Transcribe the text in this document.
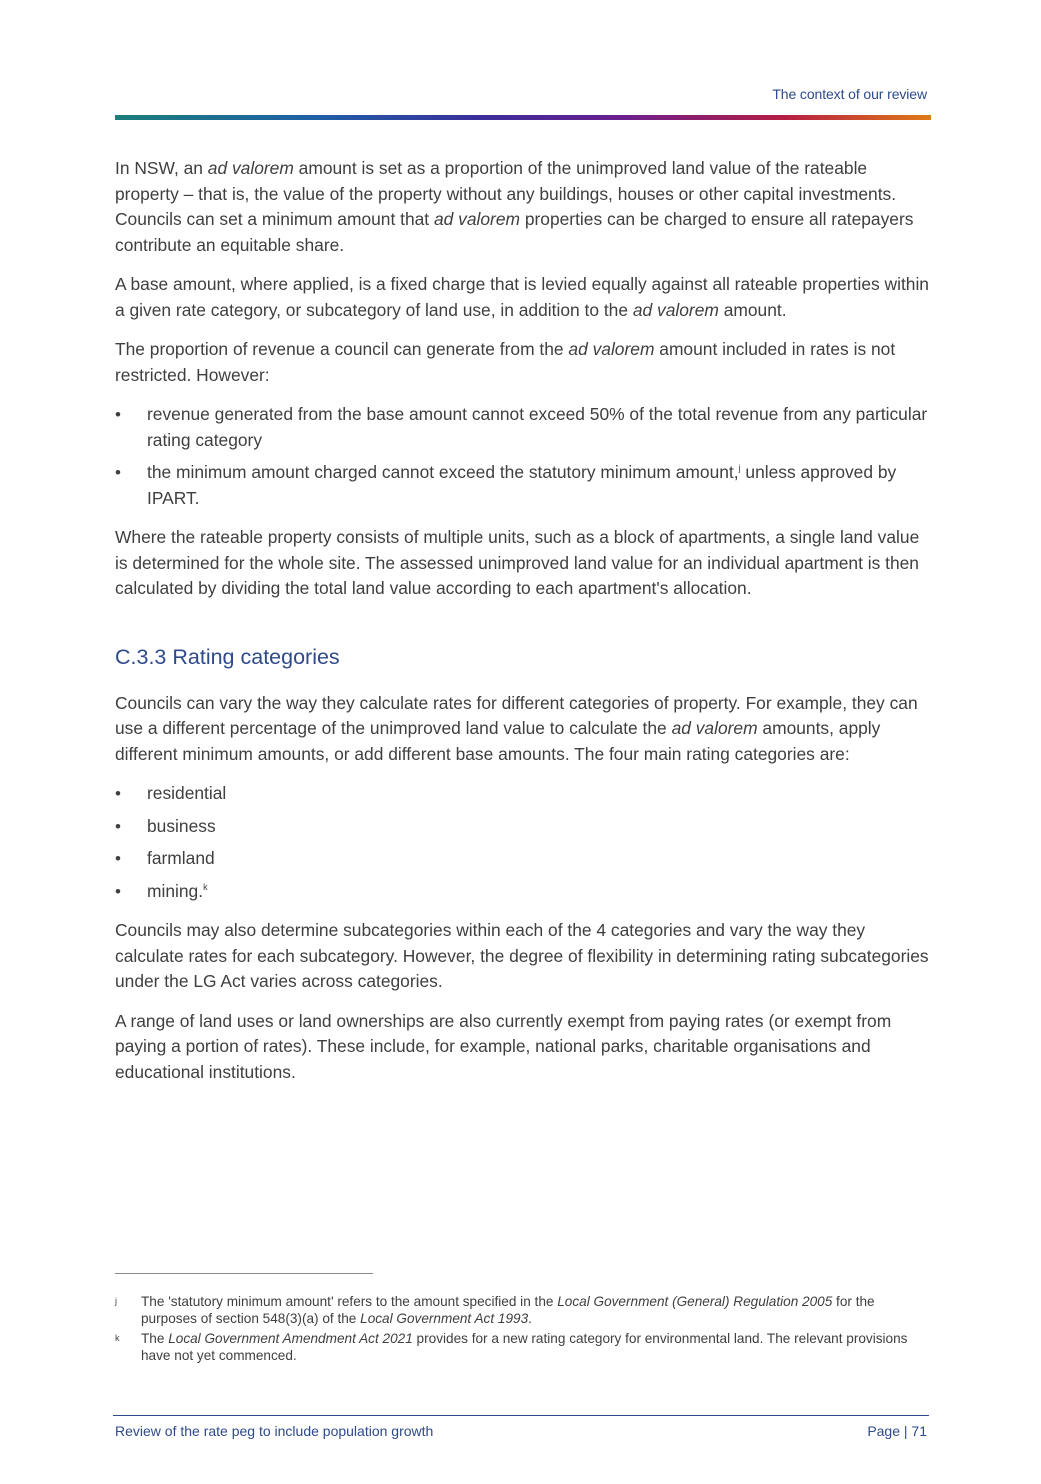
The context of our review

In NSW, an ad valorem amount is set as a proportion of the unimproved land value of the rateable property – that is, the value of the property without any buildings, houses or other capital investments. Councils can set a minimum amount that ad valorem properties can be charged to ensure all ratepayers contribute an equitable share.

A base amount, where applied, is a fixed charge that is levied equally against all rateable properties within a given rate category, or subcategory of land use, in addition to the ad valorem amount.

The proportion of revenue a council can generate from the ad valorem amount included in rates is not restricted. However:

• revenue generated from the base amount cannot exceed 50% of the total revenue from any particular rating category
• the minimum amount charged cannot exceed the statutory minimum amount,$^j$ unless approved by IPART.

Where the rateable property consists of multiple units, such as a block of apartments, a single land value is determined for the whole site. The assessed unimproved land value for an individual apartment is then calculated by dividing the total land value according to each apartment's allocation.

C.3.3 Rating categories

Councils can vary the way they calculate rates for different categories of property. For example, they can use a different percentage of the unimproved land value to calculate the ad valorem amounts, apply different minimum amounts, or add different base amounts. The four main rating categories are:

• residential
• business
• farmland
• mining.$^k$

Councils may also determine subcategories within each of the 4 categories and vary the way they calculate rates for each subcategory. However, the degree of flexibility in determining rating subcategories under the LG Act varies across categories.

A range of land uses or land ownerships are also currently exempt from paying rates (or exempt from paying a portion of rates). These include, for example, national parks, charitable organisations and educational institutions.

j The 'statutory minimum amount' refers to the amount specified in the Local Government (General) Regulation 2005 for the purposes of section 548(3)(a) of the Local Government Act 1993.
k The Local Government Amendment Act 2021 provides for a new rating category for environmental land. The relevant provisions have not yet commenced.
Review of the rate peg to include population growth	Page | 71
